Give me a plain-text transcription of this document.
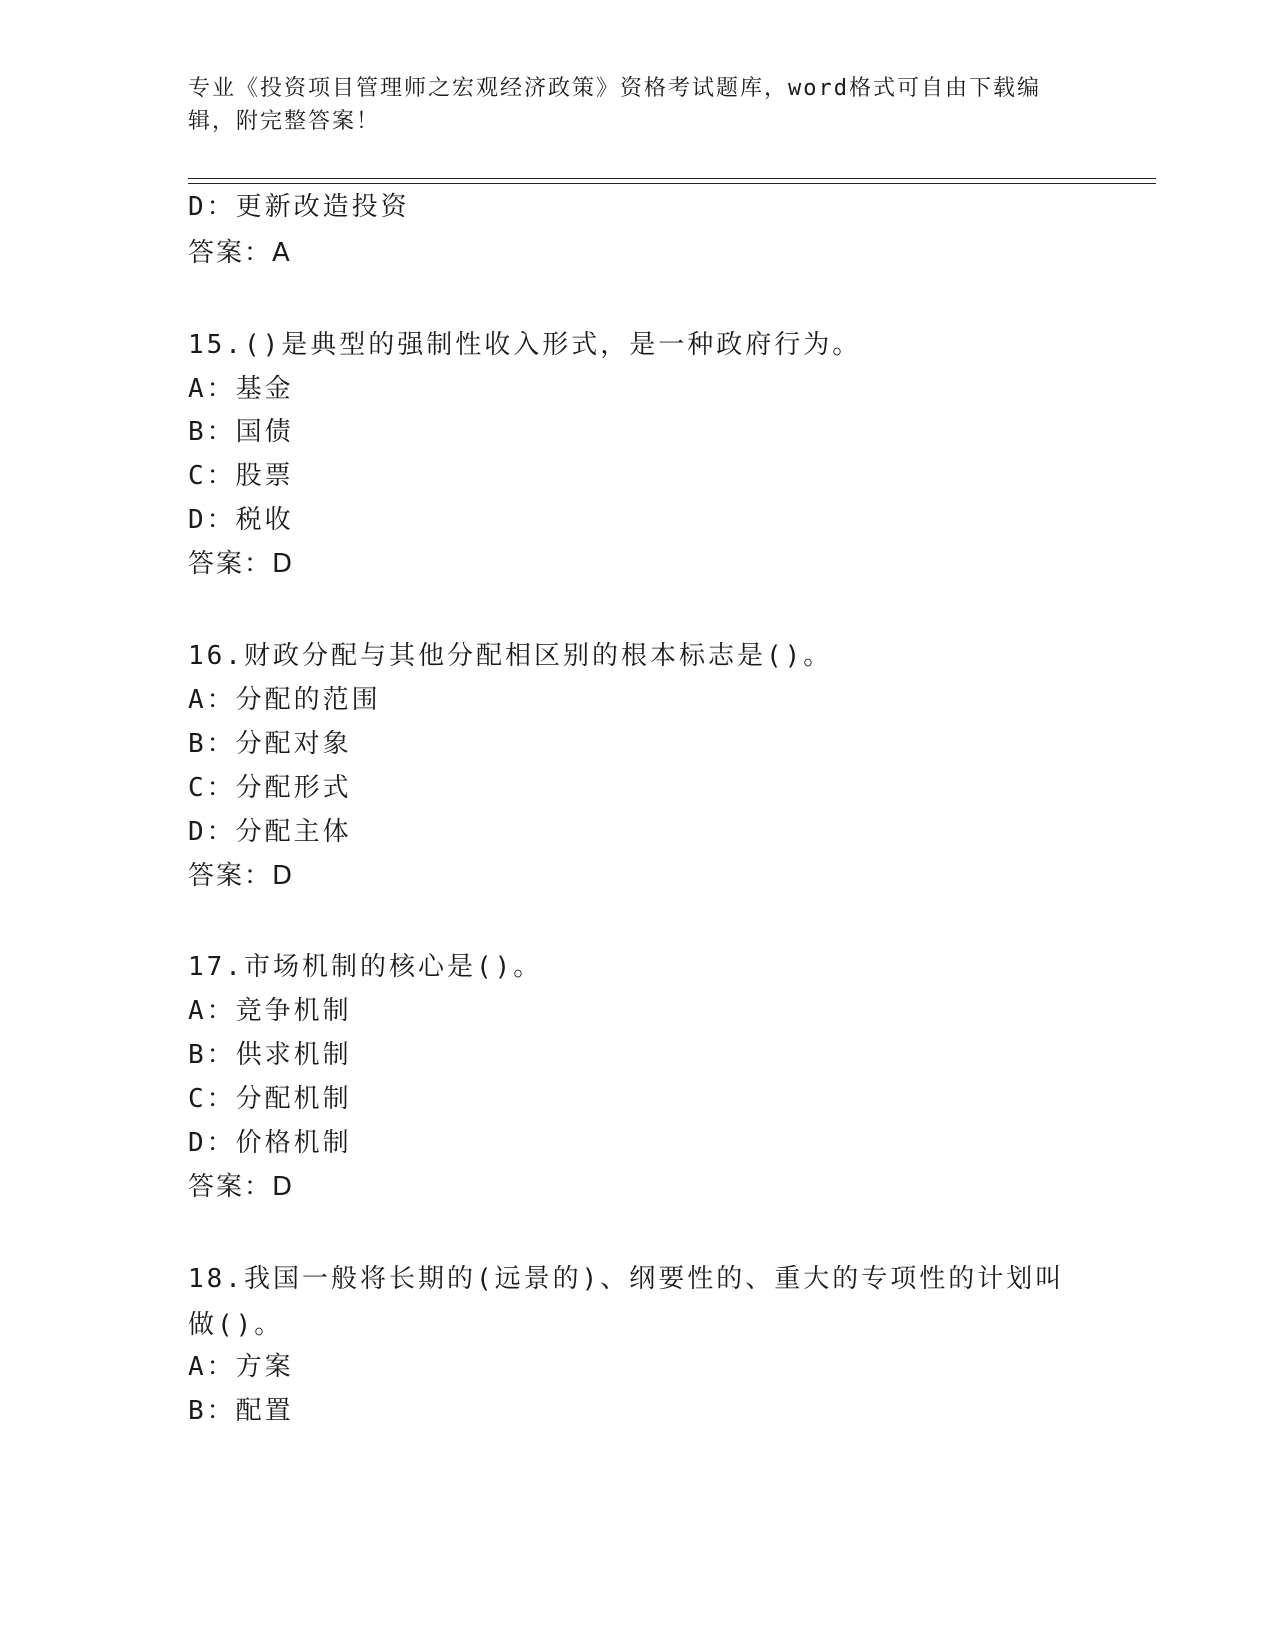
专业《投资项目管理师之宏观经济政策》资格考试题库，word格式可自由下载编辑，附完整答案！
D：更新改造投资
答案：A
15.()是典型的强制性收入形式，是一种政府行为。
A：基金
B：国债
C：股票
D：税收
答案：D
16.财政分配与其他分配相区别的根本标志是()。
A：分配的范围
B：分配对象
C：分配形式
D：分配主体
答案：D
17.市场机制的核心是()。
A：竞争机制
B：供求机制
C：分配机制
D：价格机制
答案：D
18.我国一般将长期的(远景的)、纲要性的、重大的专项性的计划叫做()。
A：方案
B：配置
